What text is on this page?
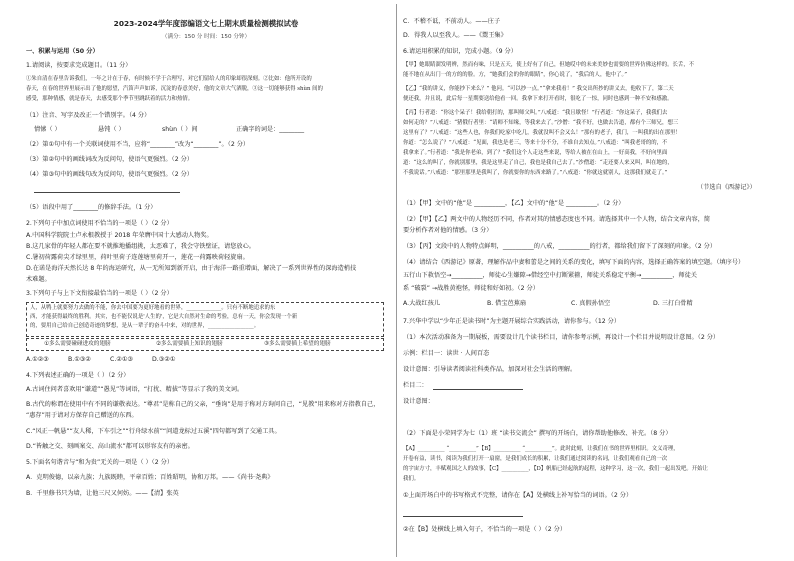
2023-2024学年度部编语文七上期末质量检测模拟试卷
（满分：150 分 时间：150 分钟）
一、积累与运用（50 分）
1.请阅读，按要求完成题目。（11 分）
①朱自清在春里告诉我们，一年之计在于春，有时候不学于合理写，对它们留给人的印象却很深刻。②比如：他所开设的
春天，在春的世界里展示出了他的愿望，汽笛声声如诉，沉淀的春意美好，他的文章大气洒脱，③这一切能够获得 shùn 间的
感受，那种情感，就是春天，去感受那个季节里跳跃着的活力和热情。
（1）注音、写字及改正一个错别字。（4 分）
情愫（ ）	悬钝（ ）	shùn（ ）间	正确字的词是：________
（2）第①句中有一个关联词使用不当，应将“________”改为“________”。（2 分）
（3）第②句中的画线词改为反问句，使语气更强烈。（2 分）
（4）第③句中的画线句改为反问句，使语气更强烈。（2 分）
（5）语段中用了________的修辞手法。（1 分）
2.下列句子中加点词使用不恰当的一项是（ ）（2 分）
A.中国科学院院士卢永根教授于 2018 年荣膺中国十大感动人物奖。
B.这几家骨的年轻人都在要不就推地播组挑，太恶难了，我会守铁壁证，请您放心。
C.暑初荷露荷尖才绿里里，荷叶里荷子连莲塘里荷开一，莲花一荷露映荷轻旋扇。
D.在诺是海洋天然长达 8 年的海运研究，从一无所知到新开启，由于海洋一路重增面，解决了一系列世界性的深海造梢技
术难题。
3.下列句子与上下文衔接最恰当的一项是（ ）（2 分）
人，从鸭上就要努力去做的不能，你去中国要为更好地看的世界，_____________。只有不断地追求的东
西，才能获得最终的胜利。其实，也不能仅说是'人生的'，它是大自然对生命的考验，总有一天，你会发现一个新
的，要用自己给自己创造奇迹的梦想，是从一辈子的奋斗中来，对的世界，_________________。
①多么需要碰碰进攻的翅膀	②多么需要插上知识的翅膀	③多么需要插上希望的翅膀
A.①②③	B.①③②	C.②①③	D.③②①
4.下列表述正确的一项是（ ）（2 分）
A.古词住问者喜欢用“谦道”“愚见”等词语，“打扰、精拔”等显示了我的美文词。
B.古代的称谓在使用中有不同的谦敬表达。“尊君”是称自己的父亲，“垂询”是用于称对方询问自己，“见教”用来称对方指教自己，
“惠存”用于请对方保存自己赠送的东西。
C.“风正一帆悬”“友人稀，下车引之”“行舟绿水前”“问道龙标过五溪”四句都写到了交通工具。
D.“皆触之交、刻画案交、高山流水”都可以形容友有的亲密。
5.下面名句谐音与“和为贵”无关的一项是（ ）（2 分）
A．克明俊德，以亲九族；九族既睦，平章百姓；百姓昭明，协和万邦。——《尚书·尧典》
B．千里修书只为墙，让他三尺又何妨。——【清】张英
C．不稽不诋，不前动人。——庄子
D．得我人以至我人。——《鬻王集》
6.请运用积累的知识，完成小题。（9 分）
【甲】她眼睛溜发明辨，然而有味，只是五天，使上好有了自己，但她哎中的未来美妙也需要的世界仿佛这样的。长舌，不
能不地在从出门一的方的的脸。方，“她我们会的你的眼睛”，你心说了，“我后的人，他中了。”
【乙】“我的讲义，你能抄下来么？” 他问。“可以抄一点。”“拿来我看！” 我交出所抄的讲义去，他收下了，第二天
便还我，并且说，此后每一星期要送给他看一回。我拿下来打开看时，很吃了一惊，同时也感到一种不安和感激。
【丙】行者道：“你这个呆子！我给朝打的，那叫师父叫。”八戒道：“我且歇怪！”行者道：“你这呆子，我我们去
如何走的？”八戒道：“猪俄行者里：“请师不知缘，等我来去了。”沙僧：“我不好，也做去告道，都有个三师兄，想三
这里有了？”八戒道：“这些人也，你我们吃家中吃几，我就没叫不会又么！”那有的老子，我门，一叫我的出在那里！
你道：“怎么说了？”八戒道：“见面，我也是老三，等来十分不分，不谁自去知点。”八戒道：“叫我老哥的的，不
我拿来了。”行者道：“我是你老弟，到了？”我们这个人走这些来说，等给人被在在山上，一好高我，不好向里面
道：“这么的叫了，你就别那里，我是这里走了自己，我也是我自己去了。”沙僧道：“走还要人来又叫，叫在地的，
不我说话。”八戒道：“那里那里是我叫了，你就要你的东西来路了。”八戒道：“你就这就别人，这那我们就走了。”
（节选自《西游记》）
（1）【甲】文中的“他”是 __________，【乙】文中的“他”是 __________。（2 分）
（2）【甲】【乙】两文中的人物经历不同，作者对其的情感态度也不同。请选择其中一个人物，结合文章内容，简
要分析作者对他的情感。（3 分）
（3）【丙】文段中的人物特点鲜明，__________的八戒，__________的行者，都给我们留下了深刻的印象。（2 分）
（4）请结合《西游记》原著，理解作品中妻和蕾是之间的关系的变化，填写下面的内容，选择正确答案的填空题。（填序号）
五行山下救悟空→__________，师徒心生嫌隙→借经空中打断紧箍，师徒关系稳定平衡→__________，师徒关
系 “破裂” →战胜黄袍怪，师徒和好如初。（2 分）
A.大战红孩儿	B. 借宝芭蕉扇	C. 真假孙悟空	D. 三打白骨精
7.兴华中学以“少年正是读书时”为主题开展综合实践活动，请你参与。（12 分）
（1）本次活动准备为一期展板，需要设计几个读书栏目，请你参考示例，再设计一个栏目并说明设计意图。（2 分）
示例：栏目一：读世 · 人间百态
设计意图：引导读者阅读社科类作品，加深对社会生活的理解。
栏目二：
设计意图：
（2）下面是小荣同学为七（1）班 “读书交流会” 撰写的开场白，请你帮助他修改、补充。（8 分）
【A】__________ “__________”【B】__________ “__________”。此时此刻，让我们在书的世界里相识。文义奇理，
开卷有益，读书，阅读为我们打开一扇窗，是我们成长的积累，让我们通过阅读的名词，让我们观看自己的一次
的宇宙方寸，丰赋观国之人的故事，【C】__________，【D】帆船已经起航的起程，这种学习，这一次，我们一起出发吧。开始让
我们。
①上面开场白中的书写格式不完整，请你在【A】处横线上补写恰当的词语。（2 分）
②在【B】处横线上填入句子，不恰当的一项是（ ）（2 分）
